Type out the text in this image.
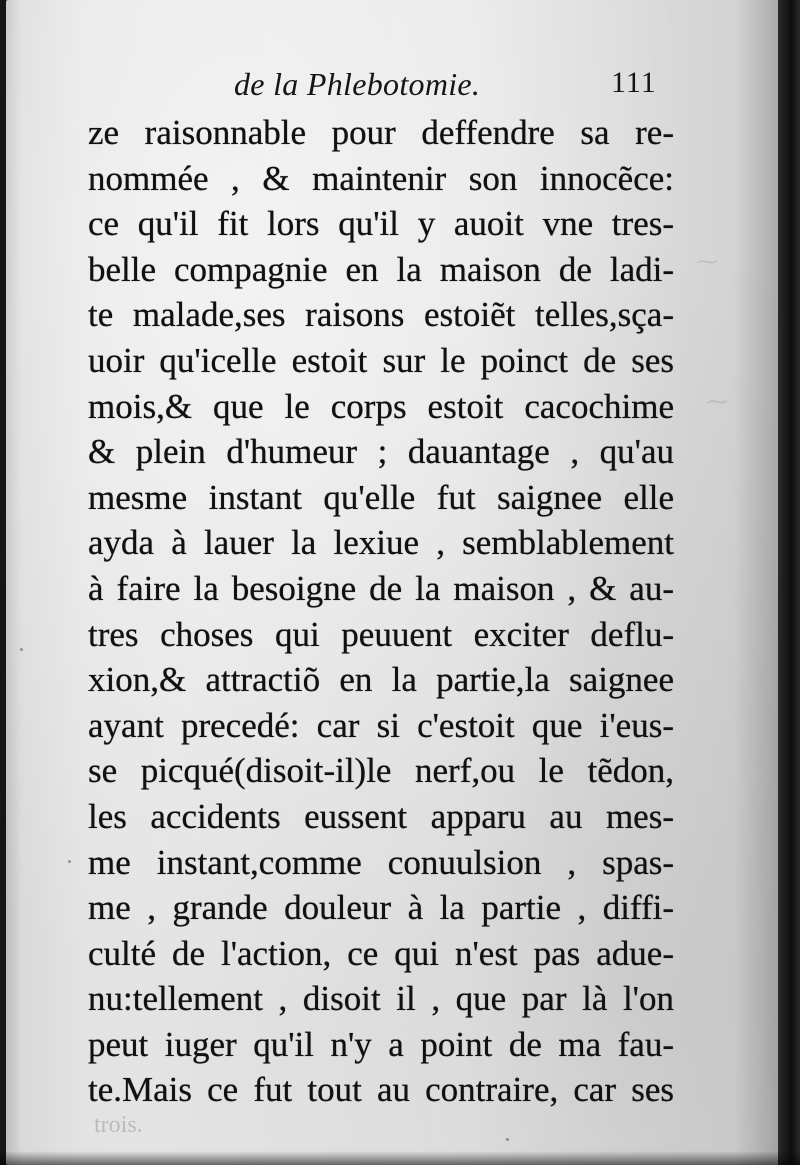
⁓
⁓
de la Phlebotomie.	111
ze raisonnable pour deffendre sa re-
nommée , & maintenir son innocẽce:
ce qu'il fit lors qu'il y auoit vne tres-
belle compagnie en la maison de ladi-
te malade,ses raisons estoiẽt telles,sça-
uoir qu'icelle estoit sur le poinct de ses
mois,& que le corps estoit cacochime
& plein d'humeur ; dauantage , qu'au
mesme instant qu'elle fut saignee elle
ayda à lauer la lexiue , semblablement
à faire la besoigne de la maison , & au-
tres choses qui peuuent exciter deflu-
xion,& attractiõ en la partie,la saignee
ayant precedé: car si c'estoit que i'eus-
se picqué(disoit-il)le nerf,ou le tẽdon,
les accidents eussent apparu au mes-
me instant,comme conuulsion , spas-
me , grande douleur à la partie , diffi-
culté de l'action, ce qui n'est pas adue-
nu:tellement , disoit il , que par là l'on
peut iuger qu'il n'y a point de ma fau-
te.Mais ce fut tout au contraire, car ses
trois.
